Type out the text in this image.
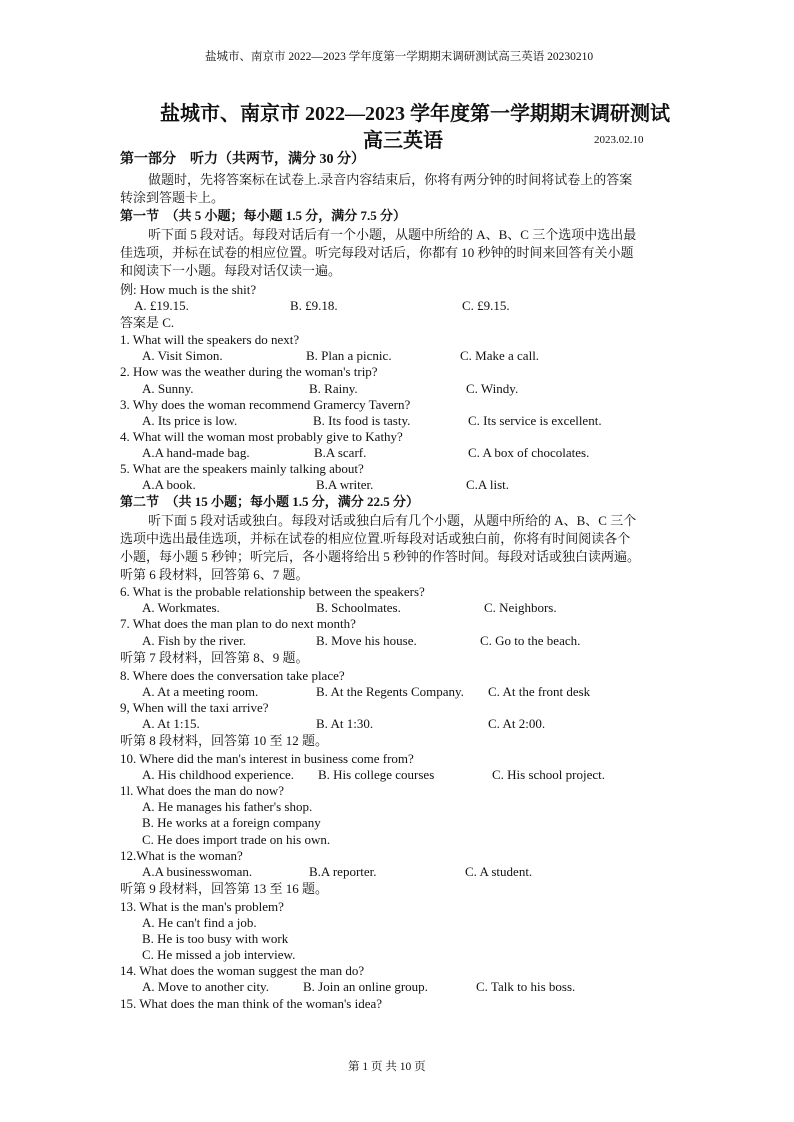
盐城市、南京市 2022—2023 学年度第一学期期末调研测试高三英语 20230210
盐城市、南京市 2022—2023 学年度第一学期期末调研测试
高三英语	2023.02.10
第一部分　听力（共两节，满分 30 分）
做题时，先将答案标在试卷上.录音内容结束后，你将有两分钟的时间将试卷上的答案
转涂到答题卡上。
第一节　（共 5 小题；每小题 1.5 分，满分 7.5 分）
听下面 5 段对话。每段对话后有一个小题，从题中所给的 A、B、C 三个选项中选出最
佳选项，并标在试卷的相应位置。听完每段对话后，你都有 10 秒钟的时间来回答有关小题
和阅读下一小题。每段对话仅读一遍。
例: How much is the shit?
A. £19.15.	B. £9.18.	C. £9.15.
答案是 C.
1. What will the speakers do next?
A. Visit Simon.	B. Plan a picnic.	C. Make a call.
2. How was the weather during the woman's trip?
A. Sunny.	B. Rainy.	C. Windy.
3. Why does the woman recommend Gramercy Tavern?
A. Its price is low.	B. Its food is tasty.	C. Its service is excellent.
4. What will the woman most probably give to Kathy?
A.A hand-made bag.	B.A scarf.	C. A box of chocolates.
5. What are the speakers mainly talking about?
A.A book.	B.A writer.	C.A list.
第二节　（共 15 小题；每小题 1.5 分，满分 22.5 分）
听下面 5 段对话或独白。每段对话或独白后有几个小题，从题中所给的 A、B、C 三个
选项中选出最佳选项，并标在试卷的相应位置.听每段对话或独白前，你将有时间阅读各个
小题，每小题 5 秒钟；听完后，各小题将给出 5 秒钟的作答时间。每段对话或独白读两遍。
听第 6 段材料，回答第 6、7 题。
6. What is the probable relationship between the speakers?
A. Workmates.	B. Schoolmates.	C. Neighbors.
7. What does the man plan to do next month?
A. Fish by the river.	B. Move his house.	C. Go to the beach.
听第 7 段材料，回答第 8、9 题。
8. Where does the conversation take place?
A. At a meeting room.	B. At the Regents Company. C. At the front desk
9, When will the taxi arrive?
A. At 1:15.	B. At 1:30.	C. At 2:00.
听第 8 段材料，回答第 10 至 12 题。
10. Where did the man's interest in business come from?
A. His childhood experience. B. His college courses	C. His school project.
1l. What does the man do now?
A. He manages his father's shop.
B. He works at a foreign company
C. He does import trade on his own.
12.What is the woman?
A.A businesswoman.	B.A reporter.	C. A student.
听第 9 段材料，回答第 13 至 16 题。
13. What is the man's problem?
A. He can't find a job.
B. He is too busy with work
C. He missed a job interview.
14. What does the woman suggest the man do?
A. Move to another city.	B. Join an online group.	C. Talk to his boss.
15. What does the man think of the woman's idea?
第 1 页 共 10 页
